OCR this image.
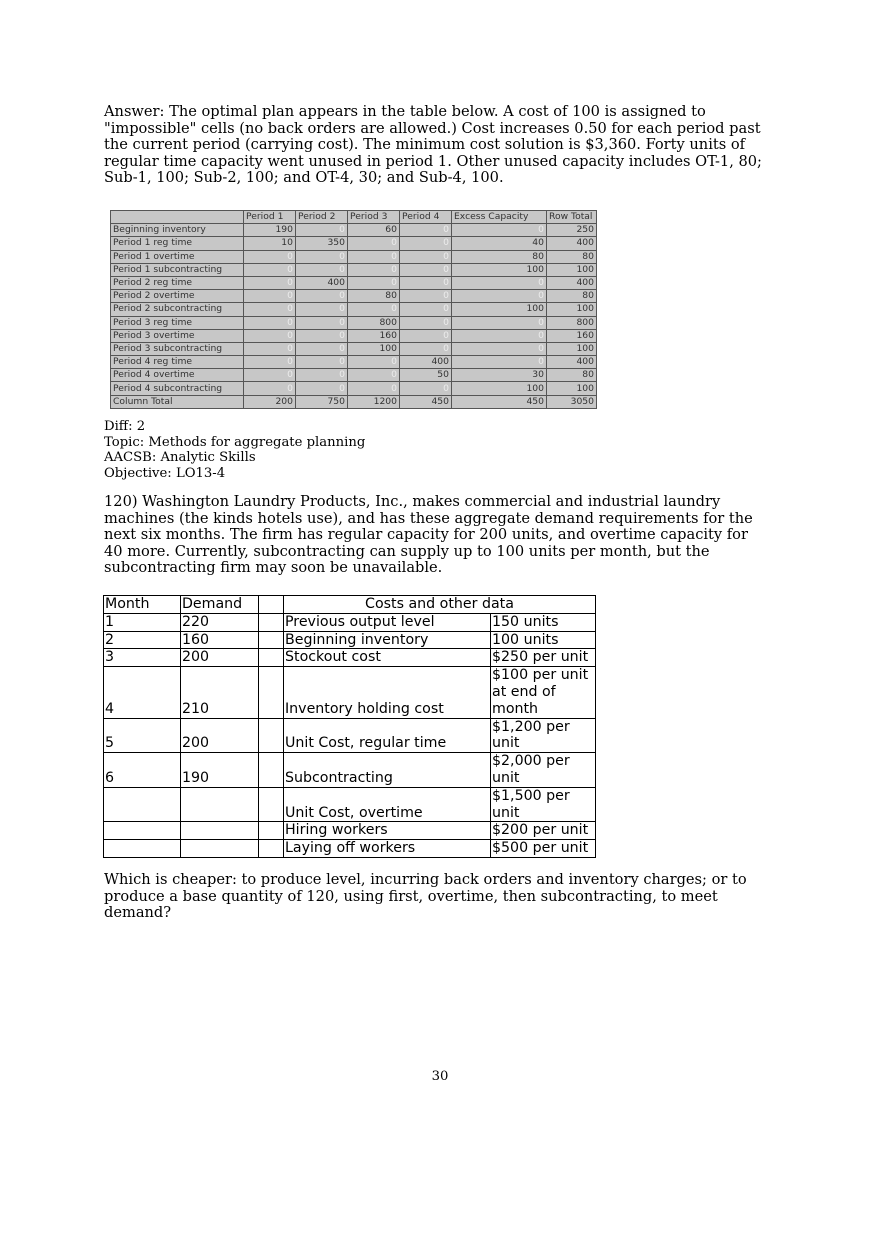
Answer: The optimal plan appears in the table below. A cost of 100 is assigned to "impossible" cells (no back orders are allowed.) Cost increases 0.50 for each period past the current period (carrying cost). The minimum cost solution is $3,360. Forty units of regular time capacity went unused in period 1. Other unused capacity includes OT-1, 80; Sub-1, 100; Sub-2, 100; and OT-4, 30; and Sub-4, 100.
	Period 1	Period 2	Period 3	Period 4	Excess Capacity	Row Total
Beginning inventory	190	0	60	0	0	250
Period 1 reg time	10	350	0	0	40	400
Period 1 overtime	0	0	0	0	80	80
Period 1 subcontracting	0	0	0	0	100	100
Period 2 reg time	0	400	0	0	0	400
Period 2 overtime	0	0	80	0	0	80
Period 2 subcontracting	0	0	0	0	100	100
Period 3 reg time	0	0	800	0	0	800
Period 3 overtime	0	0	160	0	0	160
Period 3 subcontracting	0	0	100	0	0	100
Period 4 reg time	0	0	0	400	0	400
Period 4 overtime	0	0	0	50	30	80
Period 4 subcontracting	0	0	0	0	100	100
Column Total	200	750	1200	450	450	3050
Diff: 2
Topic: Methods for aggregate planning
AACSB: Analytic Skills
Objective: LO13-4
120) Washington Laundry Products, Inc., makes commercial and industrial laundry machines (the kinds hotels use), and has these aggregate demand requirements for the next six months. The firm has regular capacity for 200 units, and overtime capacity for 40 more. Currently, subcontracting can supply up to 100 units per month, but the subcontracting firm may soon be unavailable.
Month	Demand		Costs and other data	
1	220		Previous output level	150 units
2	160		Beginning inventory	100 units
3	200		Stockout cost	$250 per unit
4	210		Inventory holding cost	$100 per unit at end of month
5	200		Unit Cost, regular time	$1,200 per unit
6	190		Subcontracting	$2,000 per unit
			Unit Cost, overtime	$1,500 per unit
			Hiring workers	$200 per unit
			Laying off workers	$500 per unit
Which is cheaper: to produce level, incurring back orders and inventory charges; or to produce a base quantity of 120, using first, overtime, then subcontracting, to meet demand?
30
